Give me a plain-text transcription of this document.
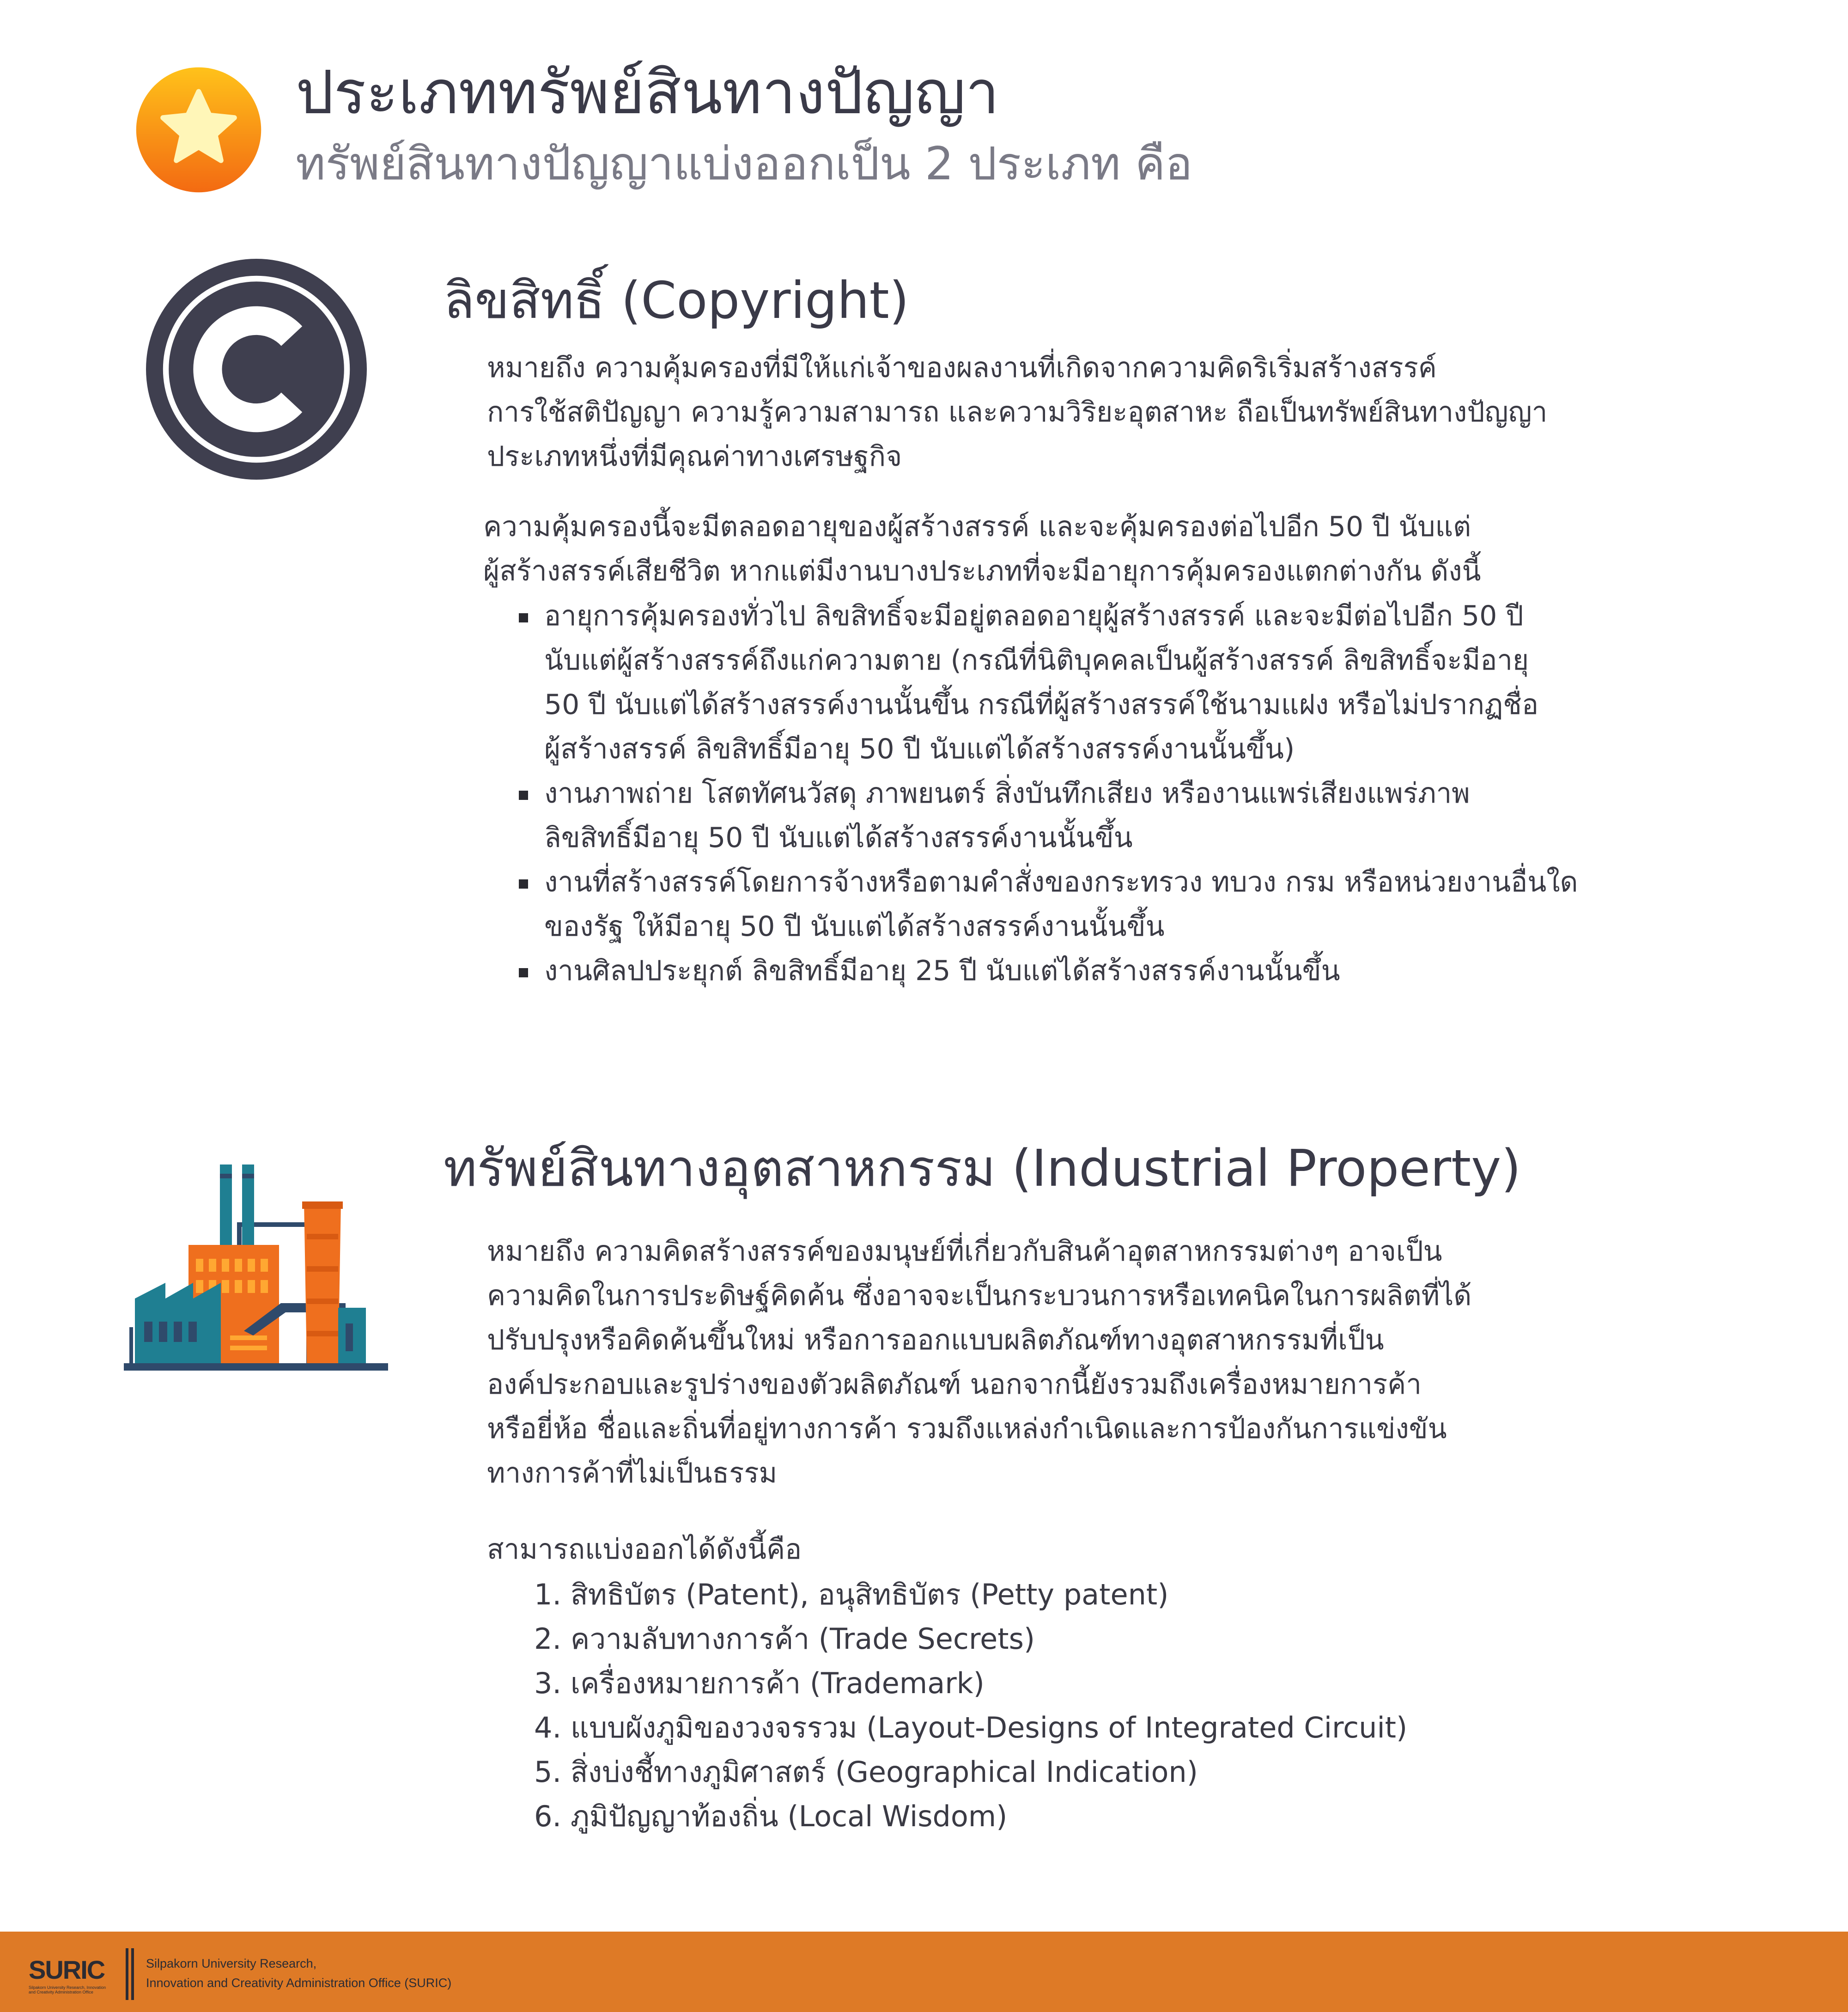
ประเภททรัพย์สินทางปัญญา
ทรัพย์สินทางปัญญาแบ่งออกเป็น 2 ประเภท คือ
ลิขสิทธิ์ (Copyright)
หมายถึง ความคุ้มครองที่มีให้แก่เจ้าของผลงานที่เกิดจากความคิดริเริ่มสร้างสรรค์
การใช้สติปัญญา ความรู้ความสามารถ และความวิริยะอุตสาหะ ถือเป็นทรัพย์สินทางปัญญา
ประเภทหนึ่งที่มีคุณค่าทางเศรษฐกิจ
ความคุ้มครองนี้จะมีตลอดอายุของผู้สร้างสรรค์ และจะคุ้มครองต่อไปอีก 50 ปี นับแต่
ผู้สร้างสรรค์เสียชีวิต หากแต่มีงานบางประเภทที่จะมีอายุการคุ้มครองแตกต่างกัน ดังนี้
อายุการคุ้มครองทั่วไป ลิขสิทธิ์จะมีอยู่ตลอดอายุผู้สร้างสรรค์ และจะมีต่อไปอีก 50 ปี
นับแต่ผู้สร้างสรรค์ถึงแก่ความตาย (กรณีที่นิติบุคคลเป็นผู้สร้างสรรค์ ลิขสิทธิ์จะมีอายุ
50 ปี นับแต่ได้สร้างสรรค์งานนั้นขึ้น กรณีที่ผู้สร้างสรรค์ใช้นามแฝง หรือไม่ปรากฏชื่อ
ผู้สร้างสรรค์ ลิขสิทธิ์มีอายุ 50 ปี นับแต่ได้สร้างสรรค์งานนั้นขึ้น)
งานภาพถ่าย โสตทัศนวัสดุ ภาพยนตร์ สิ่งบันทึกเสียง หรืองานแพร่เสียงแพร่ภาพ
ลิขสิทธิ์มีอายุ 50 ปี นับแต่ได้สร้างสรรค์งานนั้นขึ้น
งานที่สร้างสรรค์โดยการจ้างหรือตามคำสั่งของกระทรวง ทบวง กรม หรือหน่วยงานอื่นใด
ของรัฐ ให้มีอายุ 50 ปี นับแต่ได้สร้างสรรค์งานนั้นขึ้น
งานศิลปประยุกต์ ลิขสิทธิ์มีอายุ 25 ปี นับแต่ได้สร้างสรรค์งานนั้นขึ้น
ทรัพย์สินทางอุตสาหกรรม (Industrial Property)
หมายถึง ความคิดสร้างสรรค์ของมนุษย์ที่เกี่ยวกับสินค้าอุตสาหกรรมต่างๆ อาจเป็น
ความคิดในการประดิษฐ์คิดค้น ซึ่งอาจจะเป็นกระบวนการหรือเทคนิคในการผลิตที่ได้
ปรับปรุงหรือคิดค้นขึ้นใหม่ หรือการออกแบบผลิตภัณฑ์ทางอุตสาหกรรมที่เป็น
องค์ประกอบและรูปร่างของตัวผลิตภัณฑ์ นอกจากนี้ยังรวมถึงเครื่องหมายการค้า
หรือยี่ห้อ ชื่อและถิ่นที่อยู่ทางการค้า รวมถึงแหล่งกำเนิดและการป้องกันการแข่งขัน
ทางการค้าที่ไม่เป็นธรรม
สามารถแบ่งออกได้ดังนี้คือ
1. สิทธิบัตร (Patent), อนุสิทธิบัตร (Petty patent)
2. ความลับทางการค้า (Trade Secrets)
3. เครื่องหมายการค้า (Trademark)
4. แบบผังภูมิของวงจรรวม (Layout-Designs of Integrated Circuit)
5. สิ่งบ่งชี้ทางภูมิศาสตร์ (Geographical Indication)
6. ภูมิปัญญาท้องถิ่น (Local Wisdom)
SURIC
Silpakorn University Research, Innovation and Creativity Administration Office
Silpakorn University Research,
Innovation and Creativity Administration Office (SURIC)
